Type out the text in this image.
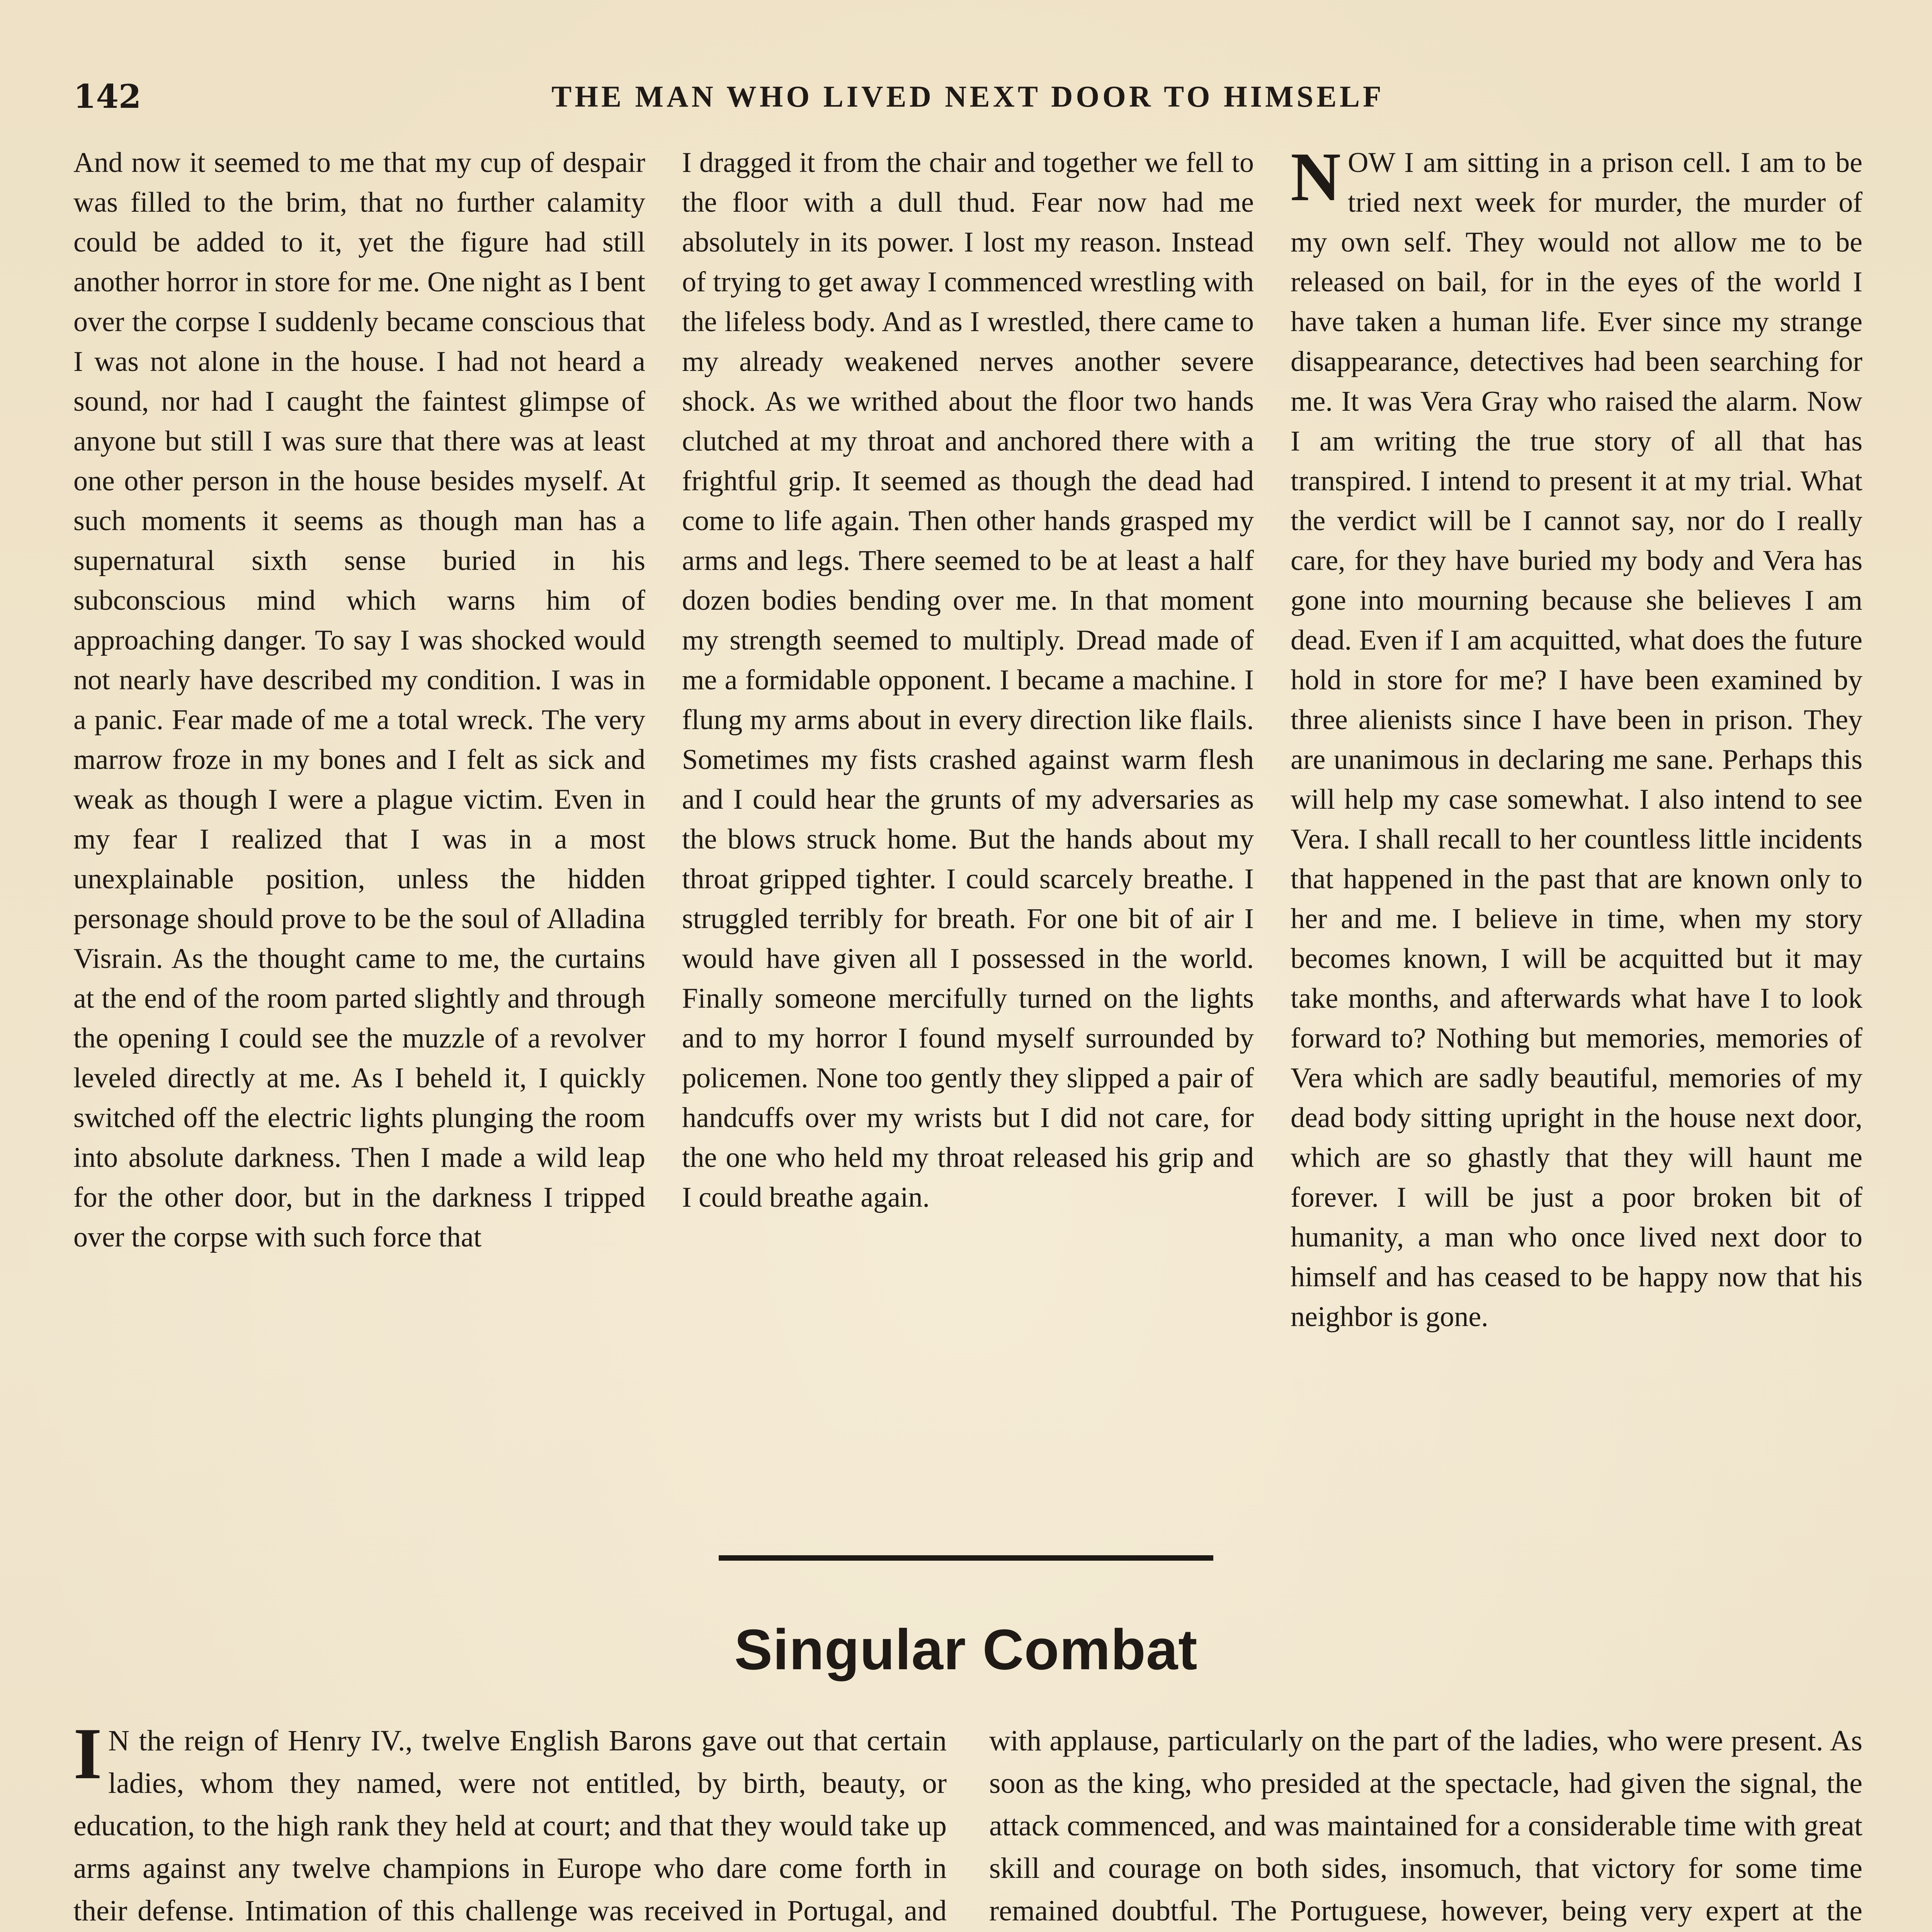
142	THE MAN WHO LIVED NEXT DOOR TO HIMSELF

And now it seemed to me that my cup of despair was filled to the brim, that no further calamity could be added to it, yet the figure had still another horror in store for me. One night as I bent over the corpse I suddenly became conscious that I was not alone in the house. I had not heard a sound, nor had I caught the faintest glimpse of anyone but still I was sure that there was at least one other person in the house besides myself. At such moments it seems as though man has a supernatural sixth sense buried in his subconscious mind which warns him of approaching danger. To say I was shocked would not nearly have described my condition. I was in a panic. Fear made of me a total wreck. The very marrow froze in my bones and I felt as sick and weak as though I were a plague victim. Even in my fear I realized that I was in a most unexplainable position, unless the hidden personage should prove to be the soul of Alladina Visrain. As the thought came to me, the curtains at the end of the room parted slightly and through the opening I could see the muzzle of a revolver leveled directly at me. As I beheld it, I quickly switched off the electric lights plunging the room into absolute darkness. Then I made a wild leap for the other door, but in the darkness I tripped over the corpse with such force that

I dragged it from the chair and together we fell to the floor with a dull thud. Fear now had me absolutely in its power. I lost my reason. Instead of trying to get away I commenced wrestling with the lifeless body. And as I wrestled, there came to my already weakened nerves another severe shock. As we writhed about the floor two hands clutched at my throat and anchored there with a frightful grip. It seemed as though the dead had come to life again. Then other hands grasped my arms and legs. There seemed to be at least a half dozen bodies bending over me. In that moment my strength seemed to multiply. Dread made of me a formidable opponent. I became a machine. I flung my arms about in every direction like flails. Sometimes my fists crashed against warm flesh and I could hear the grunts of my adversaries as the blows struck home. But the hands about my throat gripped tighter. I could scarcely breathe. I struggled terribly for breath. For one bit of air I would have given all I possessed in the world. Finally someone mercifully turned on the lights and to my horror I found myself surrounded by policemen. None too gently they slipped a pair of handcuffs over my wrists but I did not care, for the one who held my throat released his grip and I could breathe again.

N OW I am sitting in a prison cell. I am to be tried next week for murder, the murder of my own self. They would not allow me to be released on bail, for in the eyes of the world I have taken a human life. Ever since my strange disappearance, detectives had been searching for me. It was Vera Gray who raised the alarm. Now I am writing the true story of all that has transpired. I intend to present it at my trial. What the verdict will be I cannot say, nor do I really care, for they have buried my body and Vera has gone into mourning because she believes I am dead. Even if I am acquitted, what does the future hold in store for me? I have been examined by three alienists since I have been in prison. They are unanimous in declaring me sane. Perhaps this will help my case somewhat. I also intend to see Vera. I shall recall to her countless little incidents that happened in the past that are known only to her and me. I believe in time, when my story becomes known, I will be acquitted but it may take months, and afterwards what have I to look forward to? Nothing but memories, memories of Vera which are sadly beautiful, memories of my dead body sitting upright in the house next door, which are so ghastly that they will haunt me forever. I will be just a poor broken bit of humanity, a man who once lived next door to himself and has ceased to be happy now that his neighbor is gone.

Singular Combat
I N the reign of Henry IV., twelve English Barons gave out that certain ladies, whom they named, were not entitled, by birth, beauty, or education, to the high rank they held at court; and that they would take up arms against any twelve champions in Europe who dare come forth in their defense. Intimation of this challenge was received in Portugal, and

with applause, particularly on the part of the ladies, who were present. As soon as the king, who presided at the spectacle, had given the signal, the attack commenced, and was maintained for a considerable time with great skill and courage on both sides, insomuch, that victory for some time remained doubtful. The Portuguese, however, being very expert at the
